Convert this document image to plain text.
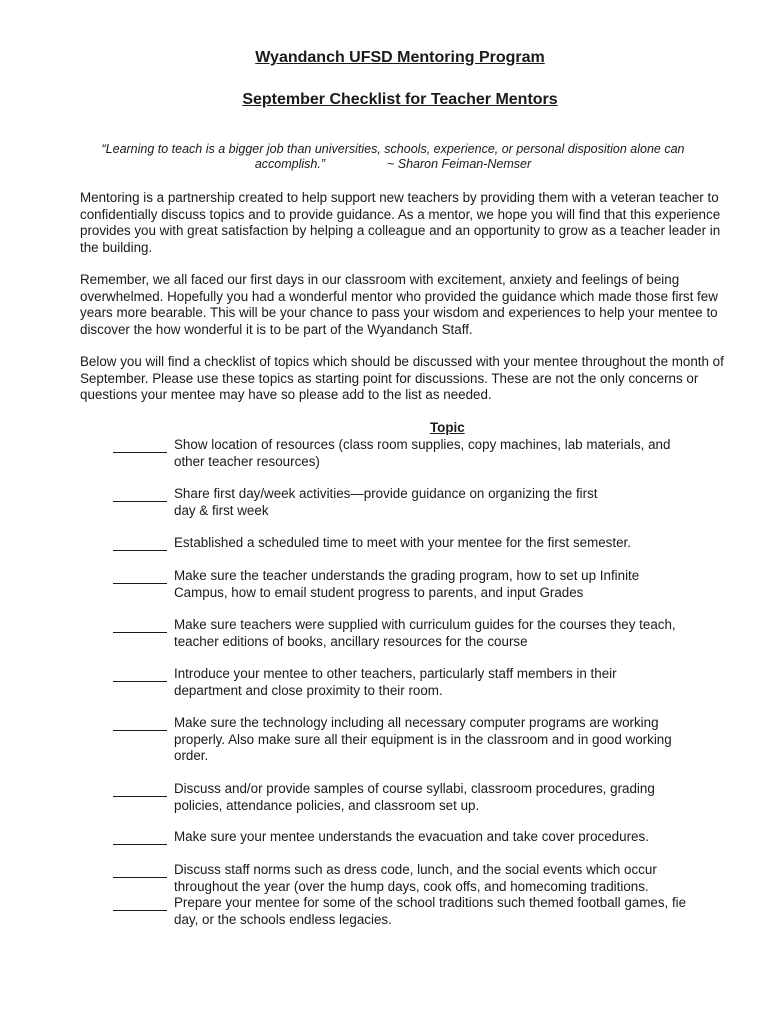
Wyandanch UFSD Mentoring Program
September Checklist for Teacher Mentors
“Learning to teach is a bigger job than universities, schools, experience, or personal disposition alone can accomplish.”	~ Sharon Feiman-Nemser

Mentoring is a partnership created to help support new teachers by providing them with a veteran teacher to confidentially discuss topics and to provide guidance. As a mentor, we hope you will find that this experience provides you with great satisfaction by helping a colleague and an opportunity to grow as a teacher leader in the building.

Remember, we all faced our first days in our classroom with excitement, anxiety and feelings of being overwhelmed. Hopefully you had a wonderful mentor who provided the guidance which made those first few years more bearable. This will be your chance to pass your wisdom and experiences to help your mentee to discover the how wonderful it is to be part of the Wyandanch Staff.

Below you will find a checklist of topics which should be discussed with your mentee throughout the month of September. Please use these topics as starting point for discussions. These are not the only concerns or questions your mentee may have so please add to the list as needed.

Topic
Show location of resources (class room supplies, copy machines, lab materials, and
other teacher resources)
Share first day/week activities—provide guidance on organizing the first
day & first week
Established a scheduled time to meet with your mentee for the first semester.
Make sure the teacher understands the grading program, how to set up Infinite
Campus, how to email student progress to parents, and input Grades
Make sure teachers were supplied with curriculum guides for the courses they teach,
teacher editions of books, ancillary resources for the course
Introduce your mentee to other teachers, particularly staff members in their
department and close proximity to their room.
Make sure the technology including all necessary computer programs are working
properly. Also make sure all their equipment is in the classroom and in good working
order.
Discuss and/or provide samples of course syllabi, classroom procedures, grading
policies, attendance policies, and classroom set up.
Make sure your mentee understands the evacuation and take cover procedures.
Discuss staff norms such as dress code, lunch, and the social events which occur
throughout the year (over the hump days, cook offs, and homecoming traditions.
Prepare your mentee for some of the school traditions such themed football games, fie
day, or the schools endless legacies.
